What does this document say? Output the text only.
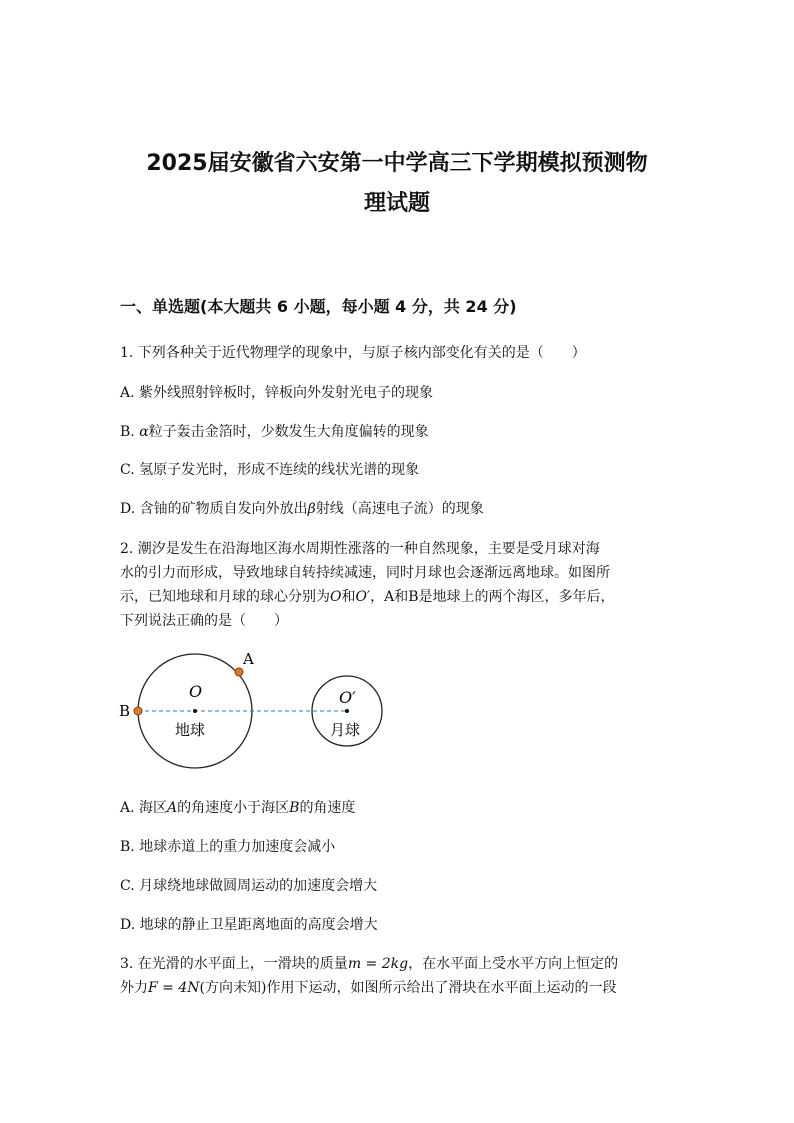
2025届安徽省六安第一中学高三下学期模拟预测物
理试题
一、单选题(本大题共 6 小题，每小题 4 分，共 24 分)
1. 下列各种关于近代物理学的现象中，与原子核内部变化有关的是（　　）
A. 紫外线照射锌板时，锌板向外发射光电子的现象
B. α粒子轰击金箔时，少数发生大角度偏转的现象
C. 氢原子发光时，形成不连续的线状光谱的现象
D. 含铀的矿物质自发向外放出β射线（高速电子流）的现象
2. 潮汐是发生在沿海地区海水周期性涨落的一种自然现象，主要是受月球对海
水的引力而形成，导致地球自转持续减速，同时月球也会逐渐远离地球。如图所
示，已知地球和月球的球心分别为O和O′，A和B是地球上的两个海区，多年后，
下列说法正确的是（　　）
A
B
O	O′
地球	月球
A. 海区A的角速度小于海区B的角速度
B. 地球赤道上的重力加速度会减小
C. 月球绕地球做圆周运动的加速度会增大
D. 地球的静止卫星距离地面的高度会增大
3. 在光滑的水平面上，一滑块的质量m = 2kg，在水平面上受水平方向上恒定的
外力F = 4N(方向未知)作用下运动，如图所示给出了滑块在水平面上运动的一段
